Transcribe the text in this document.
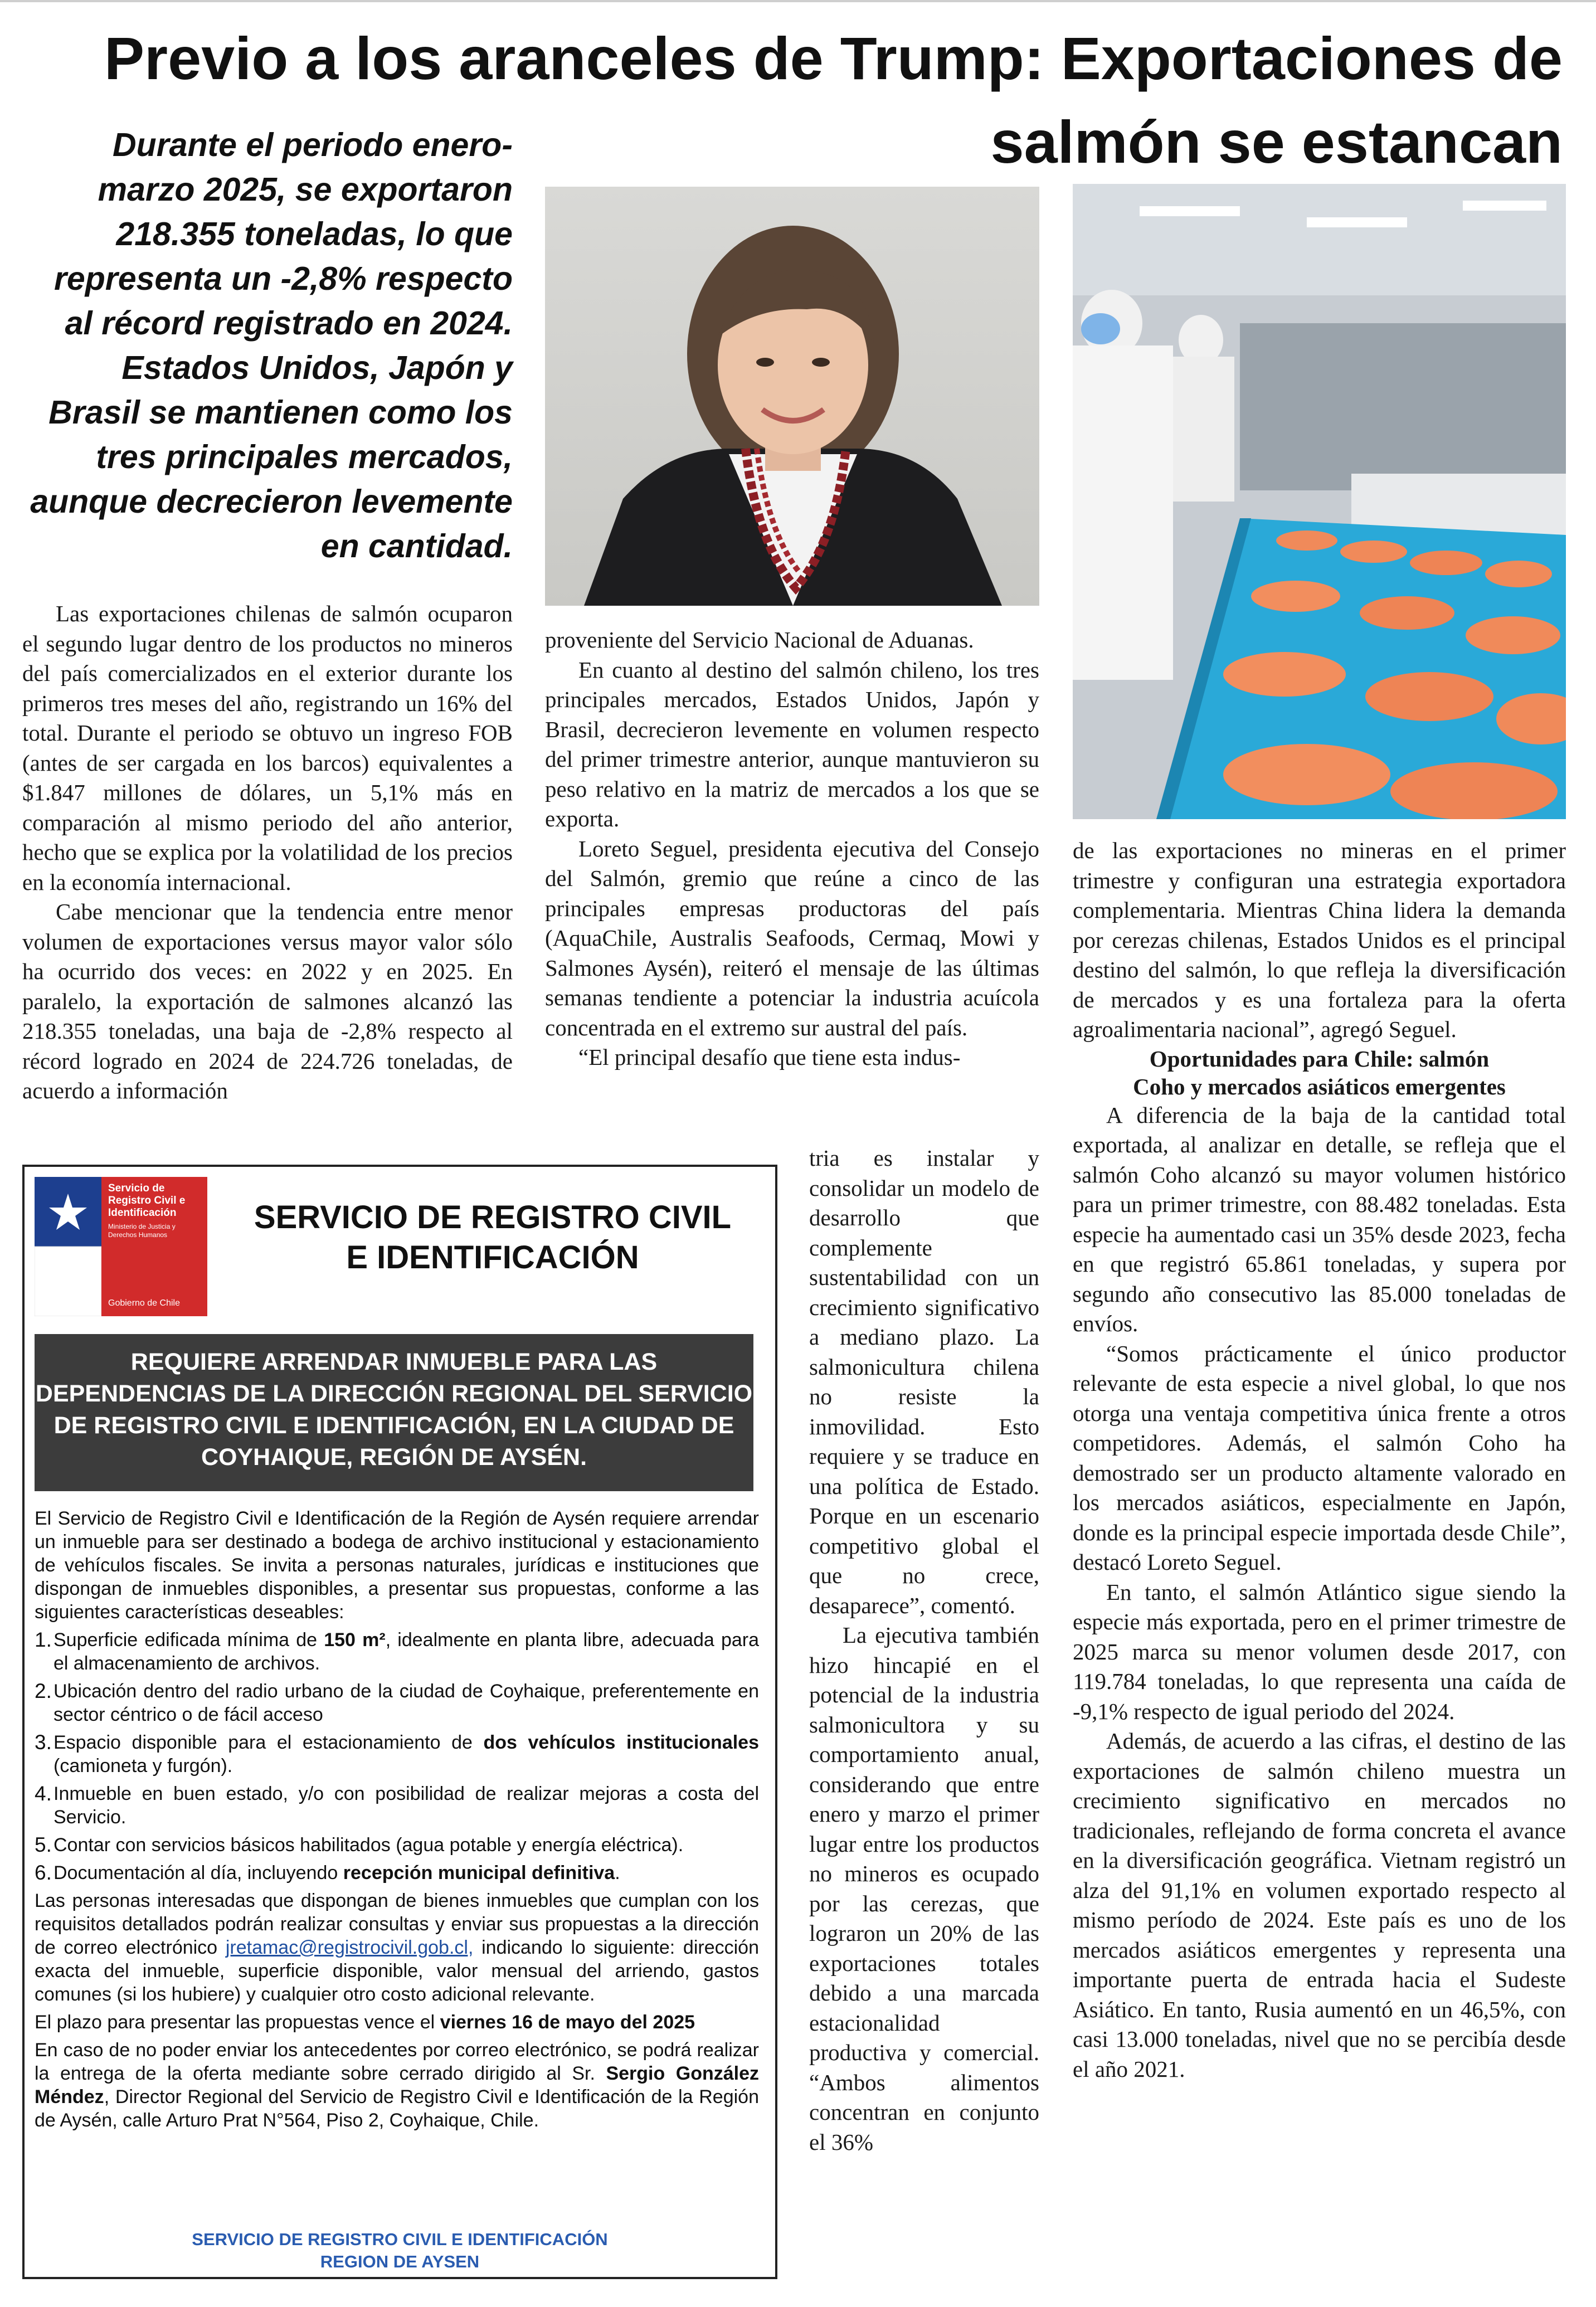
Previo a los aranceles de Trump: Exportaciones de
salmón se estancan
Durante el periodo enero-marzo 2025, se exportaron 218.355 toneladas, lo que representa un -2,8% respecto al récord registrado en 2024. Estados Unidos, Japón y Brasil se mantienen como los tres principales mercados, aunque decrecieron levemente en cantidad.

Las exportaciones chilenas de salmón ocuparon el segundo lugar dentro de los productos no mineros del país comercializados en el exterior durante los primeros tres meses del año, registrando un 16% del total. Durante el periodo se obtuvo un ingreso FOB (antes de ser cargada en los barcos) equivalentes a $1.847 millones de dólares, un 5,1% más en comparación al mismo periodo del año anterior, hecho que se explica por la volatilidad de los precios en la economía internacional.

Cabe mencionar que la tendencia entre menor volumen de exportaciones versus mayor valor sólo ha ocurrido dos veces: en 2022 y en 2025. En paralelo, la exportación de salmones alcanzó las 218.355 toneladas, una baja de -2,8% respecto al récord logrado en 2024 de 224.726 toneladas, de acuerdo a información

proveniente del Servicio Nacional de Aduanas.

En cuanto al destino del salmón chileno, los tres principales mercados, Estados Unidos, Japón y Brasil, decrecieron levemente en volumen respecto del primer trimestre anterior, aunque mantuvieron su peso relativo en la matriz de mercados a los que se exporta.

Loreto Seguel, presidenta ejecutiva del Consejo del Salmón, gremio que reúne a cinco de las principales empresas productoras del país (AquaChile, Australis Seafoods, Cermaq, Mowi y Salmones Aysén), reiteró el mensaje de las últimas semanas tendiente a potenciar la industria acuícola concentrada en el extremo sur austral del país.

“El principal desafío que tiene esta indus-

tria es instalar y consolidar un modelo de desarrollo que complemente sustentabilidad con un crecimiento significativo a mediano plazo. La salmonicultura chilena no resiste la inmovilidad. Esto requiere y se traduce en una política de Estado. Porque en un escenario competitivo global el que no crece, desaparece”, comentó.

La ejecutiva también hizo hincapié en el potencial de la industria salmonicultora y su comportamiento anual, considerando que entre enero y marzo el primer lugar entre los productos no mineros es ocupado por las cerezas, que lograron un 20% de las exportaciones totales debido a una marcada estacionalidad productiva y comercial. “Ambos alimentos concentran en conjunto el 36%

de las exportaciones no mineras en el primer trimestre y configuran una estrategia exportadora complementaria. Mientras China lidera la demanda por cerezas chilenas, Estados Unidos es el principal destino del salmón, lo que refleja la diversificación de mercados y es una fortaleza para la oferta agroalimentaria nacional”, agregó Seguel.

Oportunidades para Chile: salmón
Coho y mercados asiáticos emergentes

A diferencia de la baja de la cantidad total exportada, al analizar en detalle, se refleja que el salmón Coho alcanzó su mayor volumen histórico para un primer trimestre, con 88.482 toneladas. Esta especie ha aumentado casi un 35% desde 2023, fecha en que registró 65.861 toneladas, y supera por segundo año consecutivo las 85.000 toneladas de envíos.

“Somos prácticamente el único productor relevante de esta especie a nivel global, lo que nos otorga una ventaja competitiva única frente a otros competidores. Además, el salmón Coho ha demostrado ser un producto altamente valorado en los mercados asiáticos, especialmente en Japón, donde es la principal especie importada desde Chile”, destacó Loreto Seguel.

En tanto, el salmón Atlántico sigue siendo la especie más exportada, pero en el primer trimestre de 2025 marca su menor volumen desde 2017, con 119.784 toneladas, lo que representa una caída de -9,1% respecto de igual periodo del 2024.

Además, de acuerdo a las cifras, el destino de las exportaciones de salmón chileno muestra un crecimiento significativo en mercados no tradicionales, reflejando de forma concreta el avance en la diversificación geográfica. Vietnam registró un alza del 91,1% en volumen exportado respecto al mismo período de 2024. Este país es uno de los mercados asiáticos emergentes y representa una importante puerta de entrada hacia el Sudeste Asiático. En tanto, Rusia aumentó en un 46,5%, con casi 13.000 toneladas, nivel que no se percibía desde el año 2021.

Servicio de
Registro Civil e
Identificación
Ministerio de Justicia y Derechos Humanos
Gobierno de Chile
SERVICIO DE REGISTRO CIVIL
E IDENTIFICACIÓN
REQUIERE ARRENDAR INMUEBLE PARA LAS DEPENDENCIAS DE LA DIRECCIÓN REGIONAL DEL SERVICIO DE REGISTRO CIVIL E IDENTIFICACIÓN, EN LA CIUDAD DE COYHAIQUE, REGIÓN DE AYSÉN.

El Servicio de Registro Civil e Identificación de la Región de Aysén requiere arrendar un inmueble para ser destinado a bodega de archivo institucional y estacionamiento de vehículos fiscales. Se invita a personas naturales, jurídicas e instituciones que dispongan de inmuebles disponibles, a presentar sus propuestas, conforme a las siguientes características deseables:

1. Superficie edificada mínima de 150 m², idealmente en planta libre, adecuada para el almacenamiento de archivos.
2. Ubicación dentro del radio urbano de la ciudad de Coyhaique, preferentemente en sector céntrico o de fácil acceso
3. Espacio disponible para el estacionamiento de dos vehículos institucionales (camioneta y furgón).
4. Inmueble en buen estado, y/o con posibilidad de realizar mejoras a costa del Servicio.
5. Contar con servicios básicos habilitados (agua potable y energía eléctrica).
6. Documentación al día, incluyendo recepción municipal definitiva.

Las personas interesadas que dispongan de bienes inmuebles que cumplan con los requisitos detallados podrán realizar consultas y enviar sus propuestas a la dirección de correo electrónico jretamac@registrocivil.gob.cl, indicando lo siguiente: dirección exacta del inmueble, superficie disponible, valor mensual del arriendo, gastos comunes (si los hubiere) y cualquier otro costo adicional relevante.

El plazo para presentar las propuestas vence el viernes 16 de mayo del 2025

En caso de no poder enviar los antecedentes por correo electrónico, se podrá realizar la entrega de la oferta mediante sobre cerrado dirigido al Sr. Sergio González Méndez, Director Regional del Servicio de Registro Civil e Identificación de la Región de Aysén, calle Arturo Prat N°564, Piso 2, Coyhaique, Chile.

SERVICIO DE REGISTRO CIVIL E IDENTIFICACIÓN
REGION DE AYSEN
